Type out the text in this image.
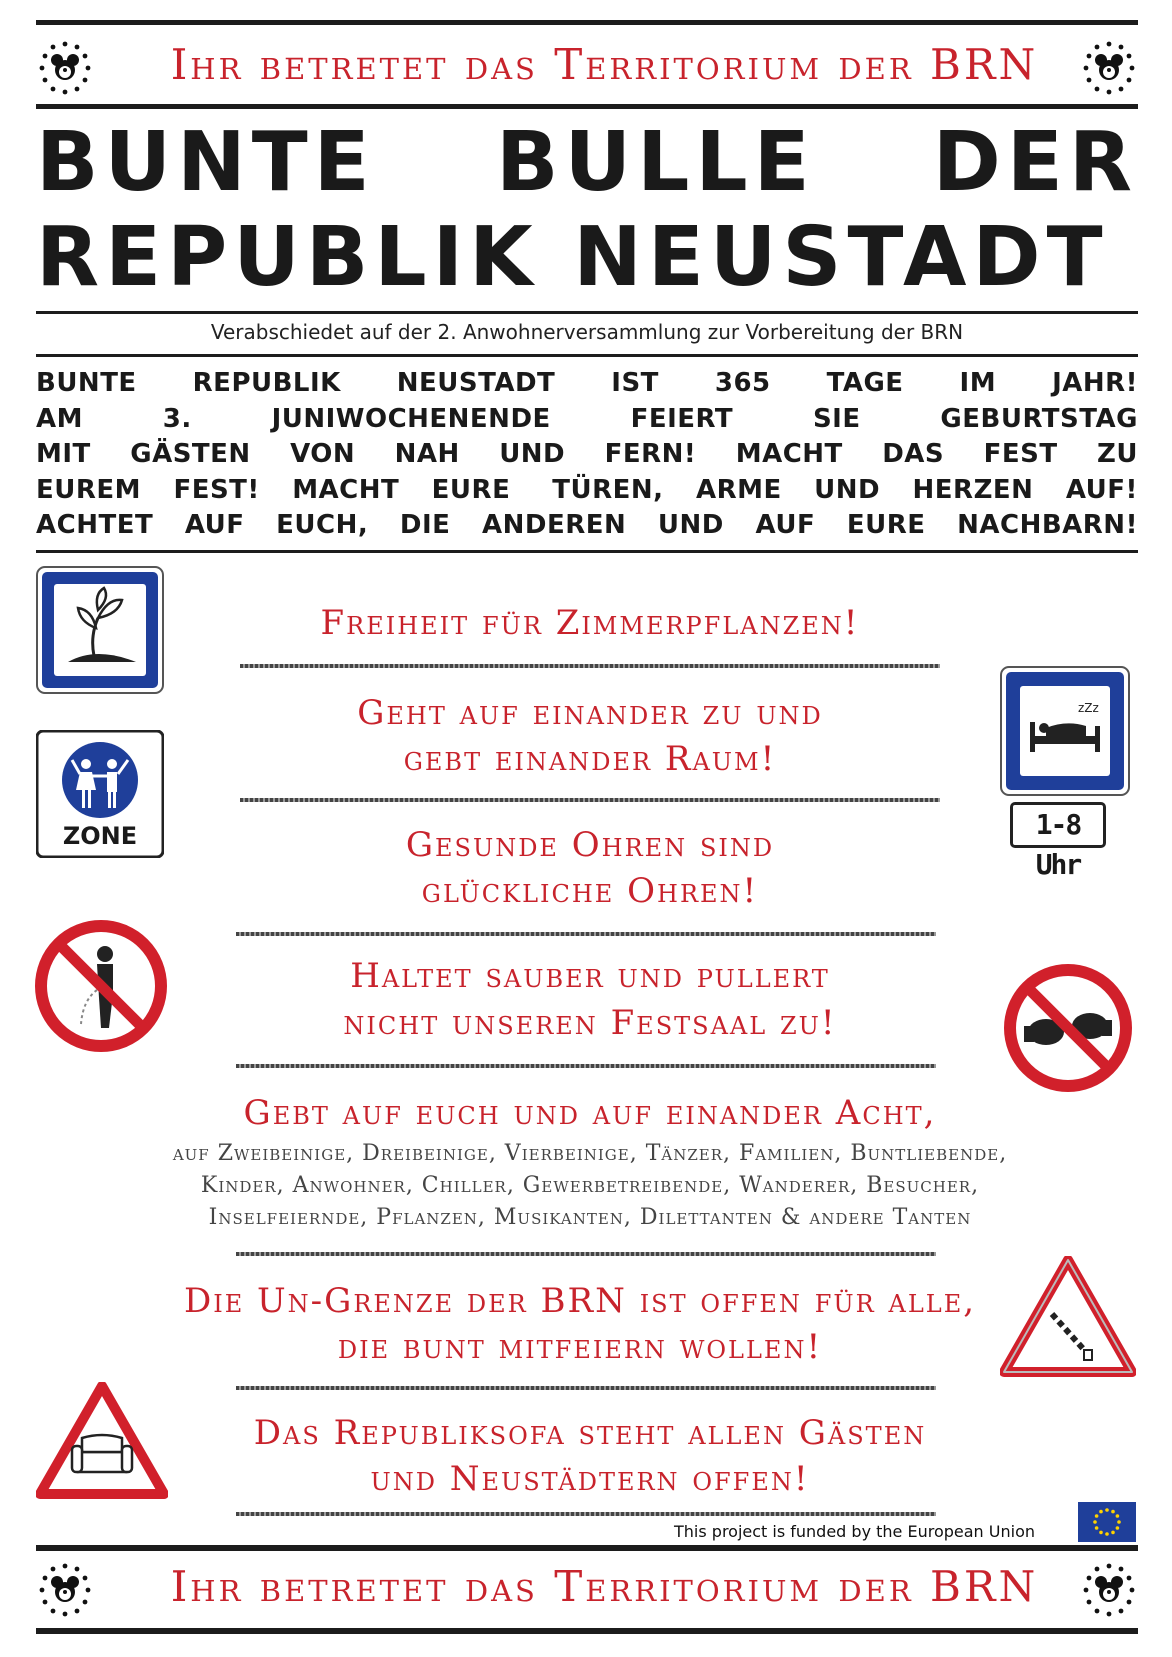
Ihr betretet das Territorium der BRN
BUNTE BULLE DER
REPUBLIK NEUSTADT
Verabschiedet auf der 2. Anwohnerversammlung zur Vorbereitung der BRN
BUNTE REPUBLIK NEUSTADT IST 365 TAGE IM JAHR!
AM	3.	JUNIWOCHENENDE	FEIERT	SIE	GEBURTSTAG
MIT GÄSTEN VON NAH UND FERN! MACHT DAS FEST ZU
EUREM FEST! MACHT EURE TÜREN, ARME UND HERZEN AUF!
ACHTET AUF EUCH, DIE ANDEREN UND AUF EURE NACHBARN!
ZONE
zZz
1-8 Uhr
Freiheit für Zimmerpflanzen!
Geht auf einander zu und
gebt einander Raum!
Gesunde Ohren sind
glückliche Ohren!
Haltet sauber und pullert
nicht unseren Festsaal zu!
Gebt auf euch und auf einander Acht,
auf Zweibeinige, Dreibeinige, Vierbeinige, Tänzer, Familien, Buntliebende,
Kinder, Anwohner, Chiller, Gewerbetreibende, Wanderer, Besucher,
Inselfeiernde, Pflanzen, Musikanten, Dilettanten & andere Tanten
Die Un-Grenze der BRN ist offen für alle,
die bunt mitfeiern wollen!
Das Republiksofa steht allen Gästen
und Neustädtern offen!
This project is funded by the European Union
Ihr betretet das Territorium der BRN
